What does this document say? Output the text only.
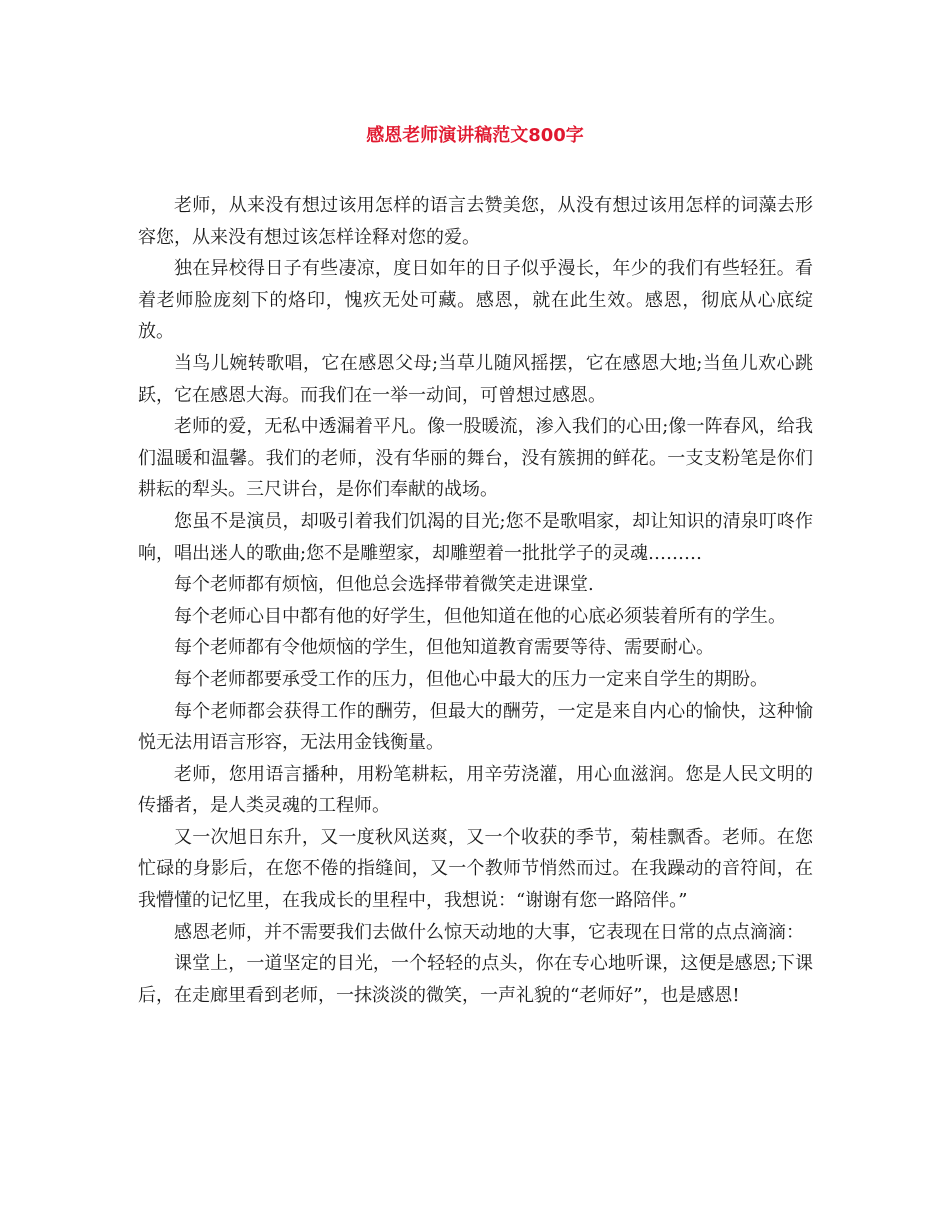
感恩老师演讲稿范文800字

老师，从来没有想过该用怎样的语言去赞美您，从没有想过该用怎样的词藻去形容您，从来没有想过该怎样诠释对您的爱。

独在异校得日子有些凄凉，度日如年的日子似乎漫长，年少的我们有些轻狂。看着老师脸庞刻下的烙印，愧疚无处可藏。感恩，就在此生效。感恩，彻底从心底绽放。

当鸟儿婉转歌唱，它在感恩父母;当草儿随风摇摆，它在感恩大地;当鱼儿欢心跳跃，它在感恩大海。而我们在一举一动间，可曾想过感恩。

老师的爱，无私中透漏着平凡。像一股暖流，渗入我们的心田;像一阵春风，给我们温暖和温馨。我们的老师，没有华丽的舞台，没有簇拥的鲜花。一支支粉笔是你们耕耘的犁头。三尺讲台，是你们奉献的战场。

您虽不是演员，却吸引着我们饥渴的目光;您不是歌唱家，却让知识的清泉叮咚作响，唱出迷人的歌曲;您不是雕塑家，却雕塑着一批批学子的灵魂………

每个老师都有烦恼，但他总会选择带着微笑走进课堂.

每个老师心目中都有他的好学生，但他知道在他的心底必须装着所有的学生。

每个老师都有令他烦恼的学生，但他知道教育需要等待、需要耐心。

每个老师都要承受工作的压力，但他心中最大的压力一定来自学生的期盼。

每个老师都会获得工作的酬劳，但最大的酬劳，一定是来自内心的愉快，这种愉悦无法用语言形容，无法用金钱衡量。

老师，您用语言播种，用粉笔耕耘，用辛劳浇灌，用心血滋润。您是人民文明的传播者，是人类灵魂的工程师。

又一次旭日东升，又一度秋风送爽，又一个收获的季节，菊桂飘香。老师。在您忙碌的身影后，在您不倦的指缝间，又一个教师节悄然而过。在我躁动的音符间，在我懵懂的记忆里，在我成长的里程中，我想说：“谢谢有您一路陪伴。”

感恩老师，并不需要我们去做什么惊天动地的大事，它表现在日常的点点滴滴：

课堂上，一道坚定的目光，一个轻轻的点头，你在专心地听课，这便是感恩;下课后，在走廊里看到老师，一抹淡淡的微笑，一声礼貌的“老师好”，也是感恩!
